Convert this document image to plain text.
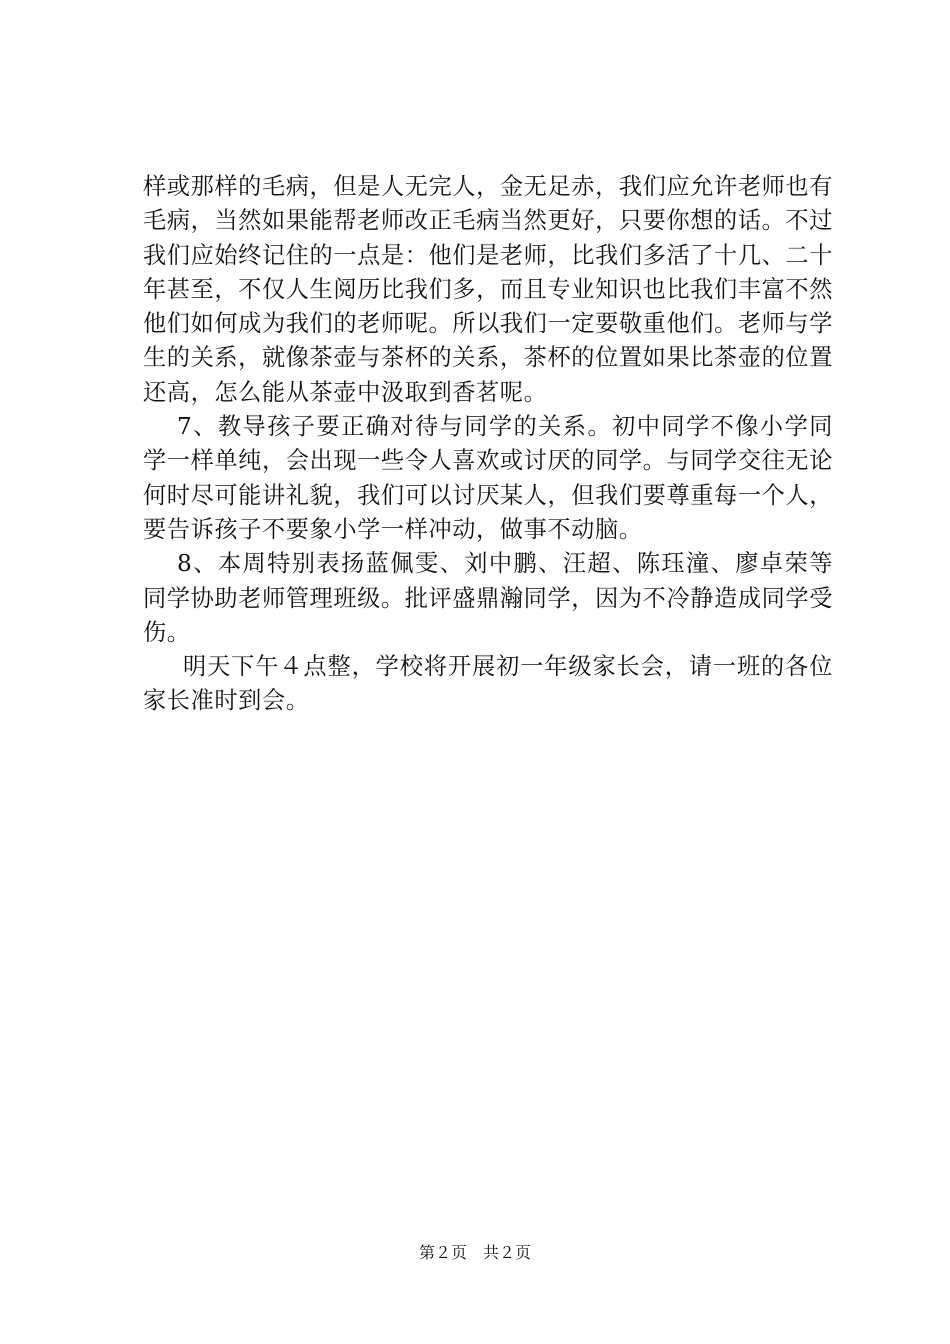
样或那样的毛病，但是人无完人，金无足赤，我们应允许老师也有毛病，当然如果能帮老师改正毛病当然更好，只要你想的话。不过我们应始终记住的一点是：他们是老师，比我们多活了十几、二十年甚至，不仅人生阅历比我们多，而且专业知识也比我们丰富不然他们如何成为我们的老师呢。所以我们一定要敬重他们。老师与学生的关系，就像茶壶与茶杯的关系，茶杯的位置如果比茶壶的位置还高，怎么能从茶壶中汲取到香茗呢。

7、教导孩子要正确对待与同学的关系。初中同学不像小学同学一样单纯，会出现一些令人喜欢或讨厌的同学。与同学交往无论何时尽可能讲礼貌，我们可以讨厌某人，但我们要尊重每一个人，要告诉孩子不要象小学一样冲动，做事不动脑。

8、本周特别表扬蓝佩雯、刘中鹏、汪超、陈珏潼、廖卓荣等同学协助老师管理班级。批评盛鼎瀚同学，因为不冷静造成同学受伤。

明天下午４点整，学校将开展初一年级家长会，请一班的各位家长准时到会。

第２页　共２页
